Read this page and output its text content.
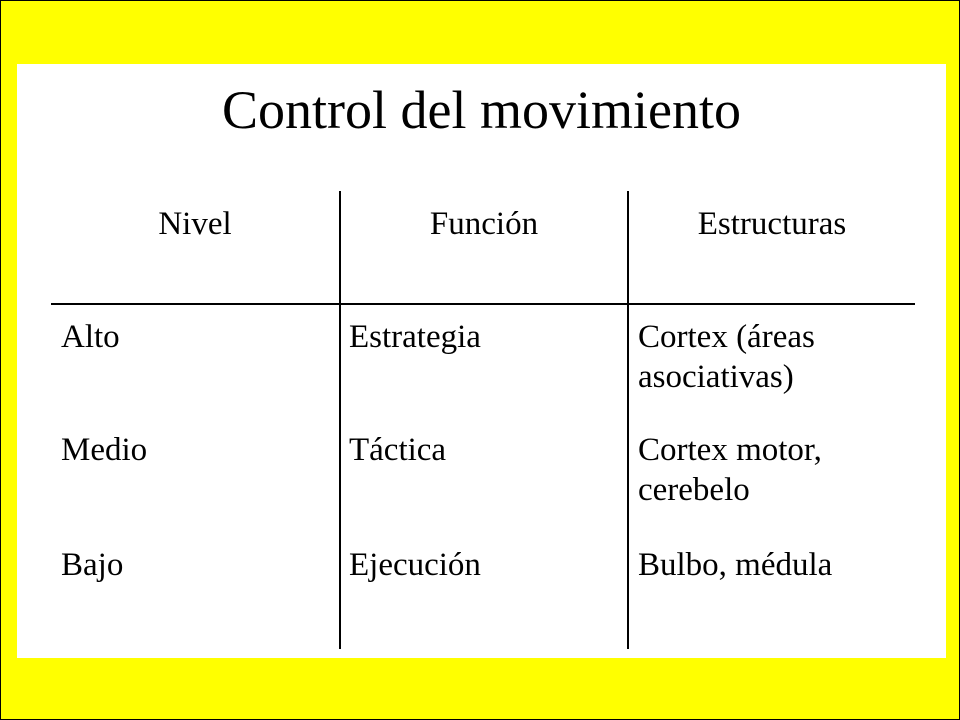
Control del movimiento
Nivel	Función	Estructuras
Alto	Estrategia	Cortex (áreas
asociativas)
Medio	Táctica	Cortex motor,
cerebelo
Bajo	Ejecución	Bulbo, médula
